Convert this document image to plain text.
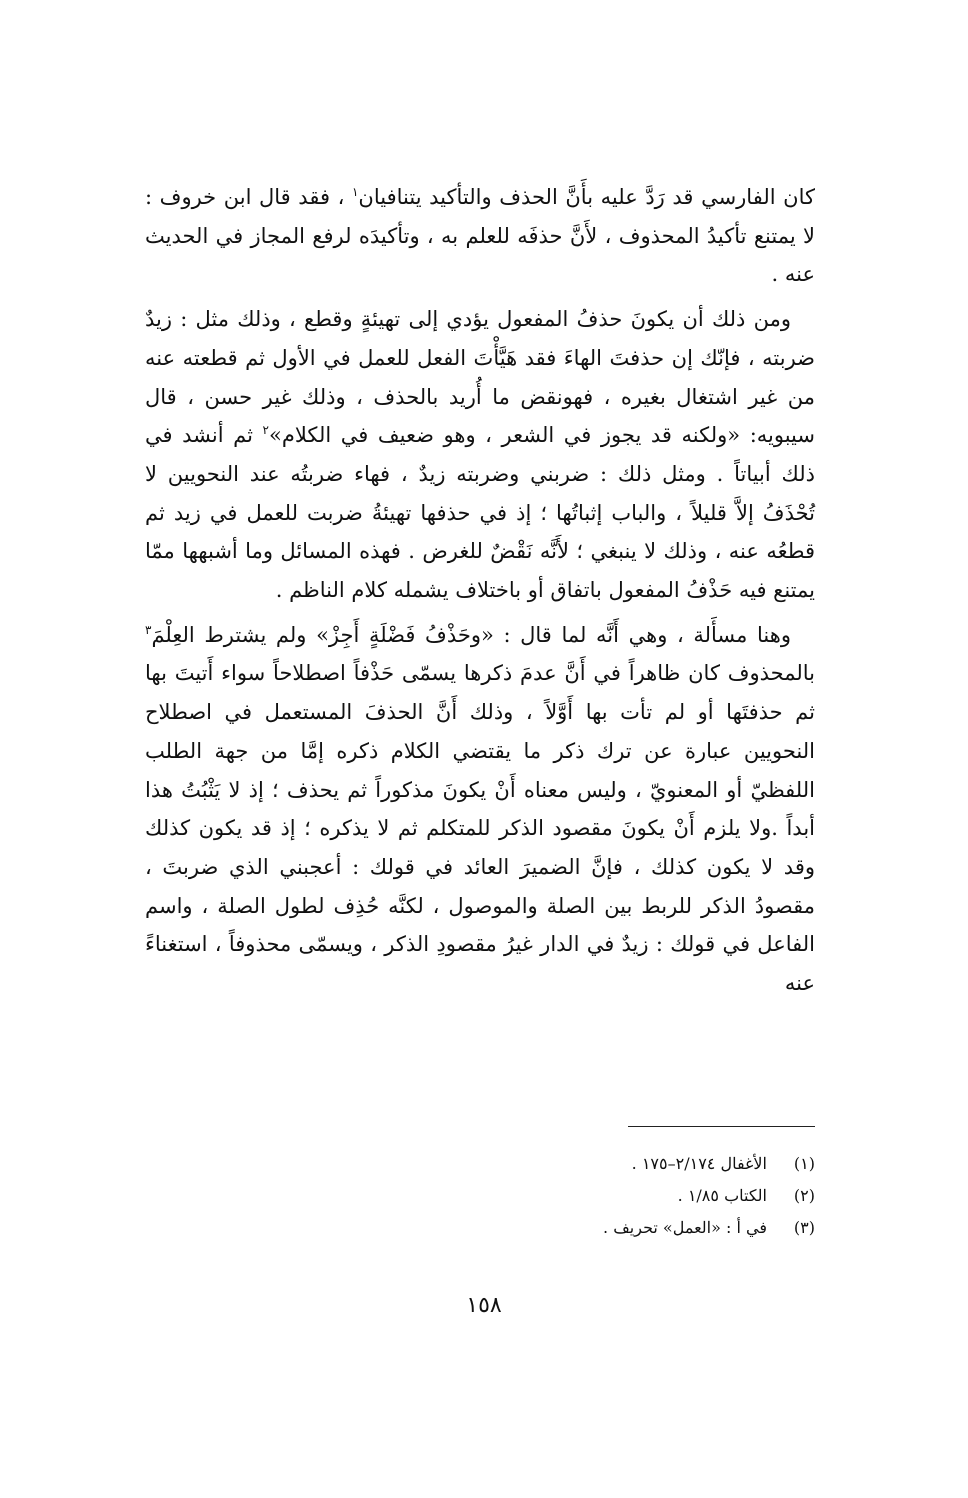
كان الفارسي قد رَدَّ عليه بأَنَّ الحذف والتأكيد يتنافيان$^١$ ، فقد قال ابن خروف : لا يمتنع تأكيدُ المحذوف ، لأَنَّ حذفَه للعلم به ، وتأكيدَه لرفع المجاز في الحديث عنه .

ومن ذلك أن يكونَ حذفُ المفعول يؤدي إلى تهيئةٍ وقطع ، وذلك مثل : زيدٌ ضربته ، فإنّك إن حذفتَ الهاءَ فقد هَيَّأْتَ الفعل للعمل في الأول ثم قطعته عنه من غير اشتغال بغيره ، فهونقض ما أُريد بالحذف ، وذلك غير حسن ، قال سيبويه: «ولكنه قد يجوز في الشعر ، وهو ضعيف في الكلام»$^٢$ ثم أنشد في ذلك أبياتاً . ومثل ذلك : ضربني وضربته زيدٌ ، فهاء ضربتُه عند النحويين لا تُحْذَفُ إلاَّ قليلاً ، والباب إثباتُها ؛ إذ في حذفها تهيئةُ ضربت للعمل في زيد ثم قطعُه عنه ، وذلك لا ينبغي ؛ لأَنَّه نَقْضٌ للغرض . فهذه المسائل وما أشبهها ممّا يمتنع فيه حَذْفُ المفعول باتفاق أو باختلاف يشمله كلام الناظم .

وهنا مسأَلة ، وهي أَنَّه لما قال : «وحَذْفُ فَضْلَةٍ أَجِزْ» ولم يشترط العِلْمَ$^٣$ بالمحذوف كان ظاهراً في أَنَّ عدمَ ذكرها يسمّى حَذْفاً اصطلاحاً سواء أَتيتَ بها ثم حذفتَها أو لم تأت بها أَوَّلاً ، وذلك أَنَّ الحذفَ المستعمل في اصطلاح النحويين عبارة عن ترك ذكر ما يقتضي الكلام ذكره إمَّا من جهة الطلب اللفظيّ أو المعنويّ ، وليس معناه أَنْ يكونَ مذكوراً ثم يحذف ؛ إذ لا يَثْبُتُ هذا أبداً .ولا يلزم أَنْ يكونَ مقصود الذكر للمتكلم ثم لا يذكره ؛ إذ قد يكون كذلك وقد لا يكون كذلك ، فإنَّ الضميرَ العائد في قولك : أعجبني الذي ضربتَ ، مقصودُ الذكر للربط بين الصلة والموصول ، لكنَّه حُذِف لطول الصلة ، واسم الفاعل في قولك : زيدٌ في الدار غيرُ مقصودِ الذكر ، ويسمّى محذوفاً ، استغناءً عنه

(١)
الأغفال ٢/١٧٤–١٧٥ .
(٢)
الكتاب ١/٨٥ .
(٣)
في أ : «العمل» تحريف .
١٥٨
